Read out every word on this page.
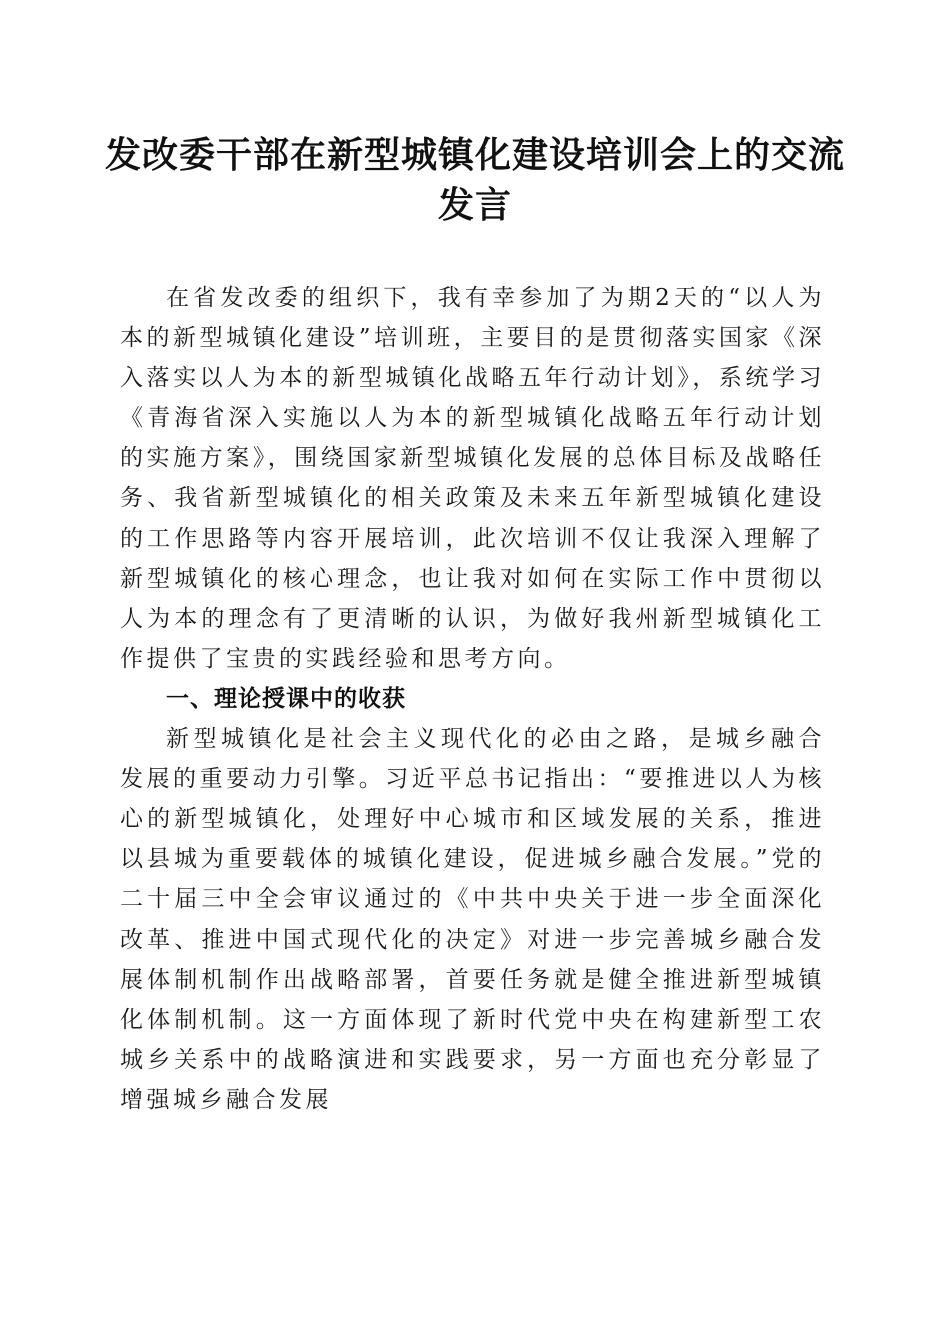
发改委干部在新型城镇化建设培训会上的交流发言

在省发改委的组织下，我有幸参加了为期2天的“以人为本的新型城镇化建设”培训班，主要目的是贯彻落实国家《深入落实以人为本的新型城镇化战略五年行动计划》，系统学习《青海省深入实施以人为本的新型城镇化战略五年行动计划的实施方案》，围绕国家新型城镇化发展的总体目标及战略任务、我省新型城镇化的相关政策及未来五年新型城镇化建设的工作思路等内容开展培训，此次培训不仅让我深入理解了新型城镇化的核心理念，也让我对如何在实际工作中贯彻以人为本的理念有了更清晰的认识，为做好我州新型城镇化工作提供了宝贵的实践经验和思考方向。

一、理论授课中的收获

新型城镇化是社会主义现代化的必由之路，是城乡融合发展的重要动力引擎。习近平总书记指出：“要推进以人为核心的新型城镇化，处理好中心城市和区域发展的关系，推进以县城为重要载体的城镇化建设，促进城乡融合发展。”党的二十届三中全会审议通过的《中共中央关于进一步全面深化改革、推进中国式现代化的决定》对进一步完善城乡融合发展体制机制作出战略部署，首要任务就是健全推进新型城镇化体制机制。这一方面体现了新时代党中央在构建新型工农城乡关系中的战略演进和实践要求，另一方面也充分彰显了增强城乡融合发展
